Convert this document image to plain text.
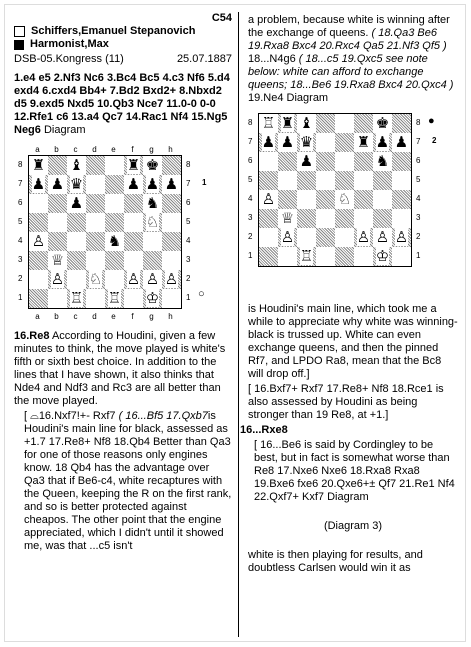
C54
Schiffers,Emanuel Stepanovich
Harmonist,Max
DSB-05.Kongress (11)	25.07.1887
1.e4 e5 2.Nf3 Nc6 3.Bc4 Bc5 4.c3 Nf6 5.d4 exd4 6.cxd4 Bb4+ 7.Bd2 Bxd2+ 8.Nbxd2 d5 9.exd5 Nxd5 10.Qb3 Nce7 11.0-0 0-0 12.Rfe1 c6 13.a4 Qc7 14.Rac1 Nf4 15.Ng5 Neg6 Diagram
a	b	c	d	e	f	g	h
8
7
6
5
4
3
2
1
♜ ♝	♜ ♚
♟ ♟ ♛	♟ ♟ ♟
♟	♞
♘
♙	♞
♕
♙ ♘ ♙ ♙ ♙
♖ ♖ ♔
8
7
6
5
4
3
2
1
a	b	c	d	e	f	g	h
1
○
16.Re8 According to Houdini, given a few minutes to think, the move played is white's fifth or sixth best choice. In addition to the lines that I have shown, it also thinks that Nde4 and Ndf3 and Rc3 are all better than the move played.
[ ⌓16.Nxf7!+- Rxf7 ( 16...Bf5 17.Qxb7is Houdini's main line for black, assessed as +1.7 17.Re8+ Nf8 18.Qb4 Better than Qa3 for one of those reasons only engines know. 18 Qb4 has the advantage over Qa3 that if Be6-c4, white recaptures with the Queen, keeping the R on the first rank, and so is better protected against cheapos. The other point that the engine appreciated, which I didn't until it showed me, was that ...c5 isn't
a problem, because white is winning after the exchange of queens. ( 18.Qa3 Be6 19.Rxa8 Bxc4 20.Rxc4 Qa5 21.Nf3 Qf5 ) 18...N4g6 ( 18...c5 19.Qxc5 see note below: white can afford to exchange queens; 18...Be6 19.Rxa8 Bxc4 20.Qxc4 ) 19.Ne4 Diagram
8
7
6
5
4
3
2
1
♖ ♜ ♝	♚
♟ ♟ ♛	♜ ♟ ♟
♟	♞
♙	♘
♕
♙	♙ ♙ ♙
♖	♔
8
7
6
5
4
3
2
1
●
2
is Houdini's main line, which took me a while to appreciate why white was winning- black is trussed up. White can even exchange queens, and then the pinned Rf7, and LPDO Ra8, mean that the Bc8 will drop off.]
[ 16.Bxf7+ Rxf7 17.Re8+ Nf8 18.Rce1 is also assessed by Houdini as being stronger than 19 Re8, at +1.]
16...Rxe8
[ 16...Be6 is said by Cordingley to be best, but in fact is somewhat worse than Re8 17.Nxe6 Nxe6 18.Rxa8 Rxa8 19.Bxe6 fxe6 20.Qxe6+± Qf7 21.Re1 Nf4 22.Qxf7+ Kxf7 Diagram
(Diagram 3)
white is then playing for results, and doubtless Carlsen would win it as
